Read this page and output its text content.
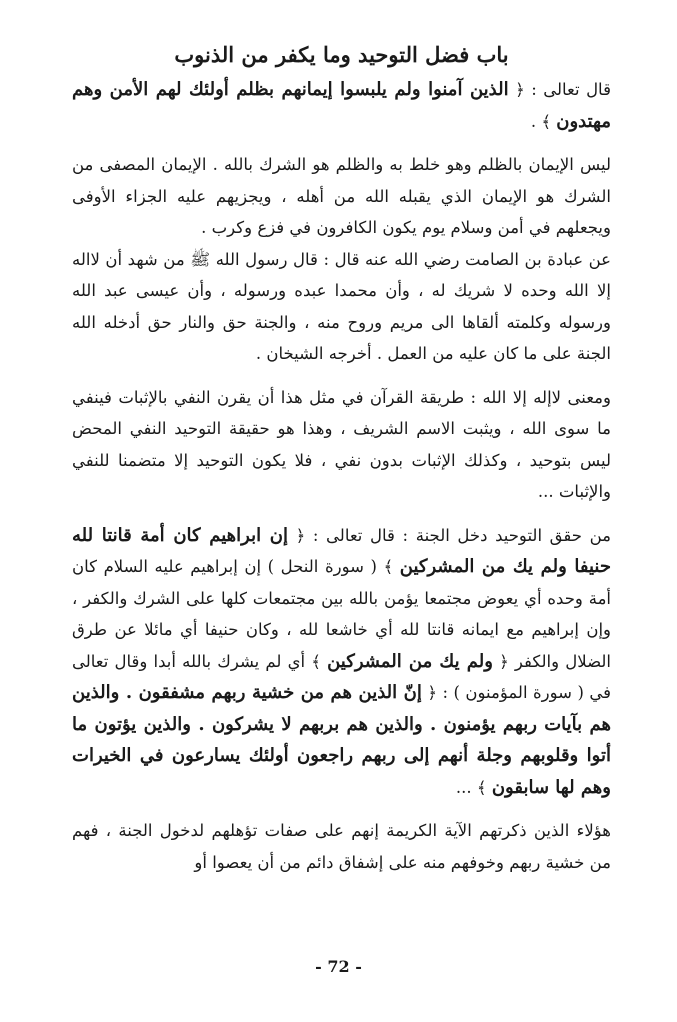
باب فضل التوحيد وما يكفر من الذنوب

قال تعالى : ﴿ الذين آمنوا ولم يلبسوا إيمانهم بظلم أولئك لهم الأمن وهم مهتدون ﴾ .

ليس الإيمان بالظلم وهو خلط به والظلم هو الشرك بالله . الإيمان المصفى من الشرك هو الإيمان الذي يقبله الله من أهله ، ويجزيهم عليه الجزاء الأوفى ويجعلهم في أمن وسلام يوم يكون الكافرون في فزع وكرب .

عن عبادة بن الصامت رضي الله عنه قال : قال رسول الله ﷺ من شهد أن لااله إلا الله وحده لا شريك له ، وأن محمدا عبده ورسوله ، وأن عيسى عبد الله ورسوله وكلمته ألقاها الى مريم وروح منه ، والجنة حق والنار حق أدخله الله الجنة على ما كان عليه من العمل . أخرجه الشيخان .

ومعنى لاإله إلا الله : طريقة القرآن في مثل هذا أن يقرن النفي بالإثبات فينفي ما سوى الله ، ويثبت الاسم الشريف ، وهذا هو حقيقة التوحيد النفي المحض ليس بتوحيد ، وكذلك الإثبات بدون نفي ، فلا يكون التوحيد إلا متضمنا للنفي والإثبات ...

من حقق التوحيد دخل الجنة : قال تعالى : ﴿ إن ابراهيم كان أمة قانتا لله حنيفا ولم يك من المشركين ﴾ ( سورة النحل ) إن إبراهيم عليه السلام كان أمة وحده أي يعوض مجتمعا يؤمن بالله بين مجتمعات كلها على الشرك والكفر ، وإن إبراهيم مع ايمانه قانتا لله أي خاشعا لله ، وكان حنيفا أي مائلا عن طرق الضلال والكفر ﴿ ولم يك من المشركين ﴾ أي لم يشرك بالله أبدا وقال تعالى في ( سورة المؤمنون ) : ﴿ إنّ الذين هم من خشية ربهم مشفقون . والذين هم بآيات ربهم يؤمنون . والذين هم بربهم لا يشركون . والذين يؤتون ما أتوا وقلوبهم وجلة أنهم إلى ربهم راجعون أولئك يسارعون في الخيرات وهم لها سابقون ﴾ ...

هؤلاء الذين ذكرتهم الآية الكريمة إنهم على صفات تؤهلهم لدخول الجنة ، فهم من خشية ربهم وخوفهم منه على إشفاق دائم من أن يعصوا أو

- 72 -
